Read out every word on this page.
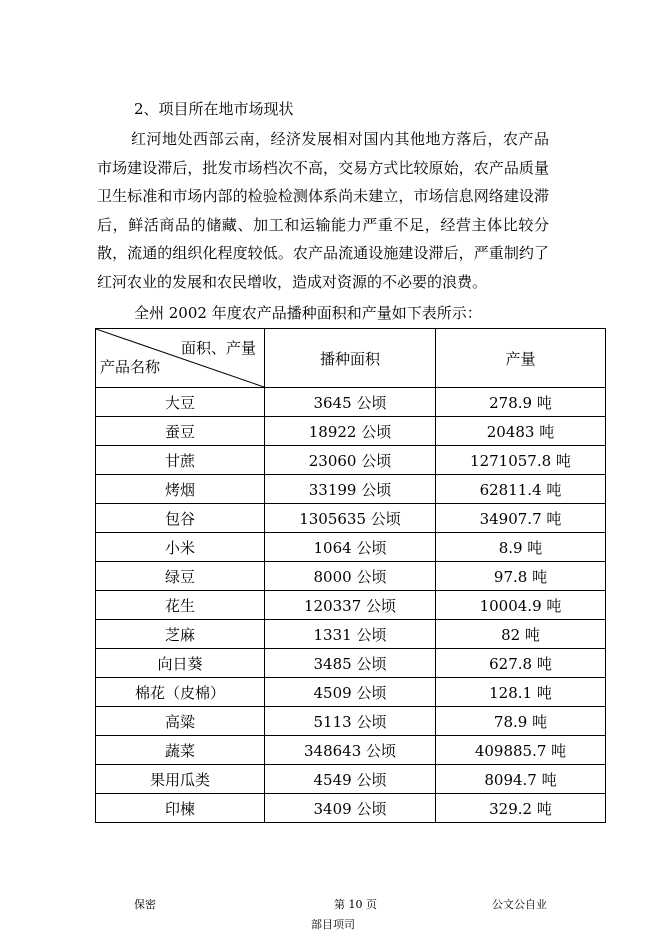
2、项目所在地市场现状

红河地处西部云南，经济发展相对国内其他地方落后，农产品市场建设滞后，批发市场档次不高，交易方式比较原始，农产品质量卫生标准和市场内部的检验检测体系尚未建立，市场信息网络建设滞后，鲜活商品的储藏、加工和运输能力严重不足，经营主体比较分散，流通的组织化程度较低。农产品流通设施建设滞后，严重制约了红河农业的发展和农民增收，造成对资源的不必要的浪费。

全州 2002 年度农产品播种面积和产量如下表所示：
面积、产量
产品名称	播种面积	产量
大豆	3645 公顷	278.9 吨
蚕豆	18922 公顷	20483 吨
甘蔗	23060 公顷	1271057.8 吨
烤烟	33199 公顷	62811.4 吨
包谷	1305635 公顷	34907.7 吨
小米	1064 公顷	8.9 吨
绿豆	8000 公顷	97.8 吨
花生	120337 公顷	10004.9 吨
芝麻	1331 公顷	82 吨
向日葵	3485 公顷	627.8 吨
棉花（皮棉）	4509 公顷	128.1 吨
高粱	5113 公顷	78.9 吨
蔬菜	348643 公顷	409885.7 吨
果用瓜类	4549 公顷	8094.7 吨
印楝	3409 公顷	329.2 吨
保密	第 10 页	公文公自业
部目项司
